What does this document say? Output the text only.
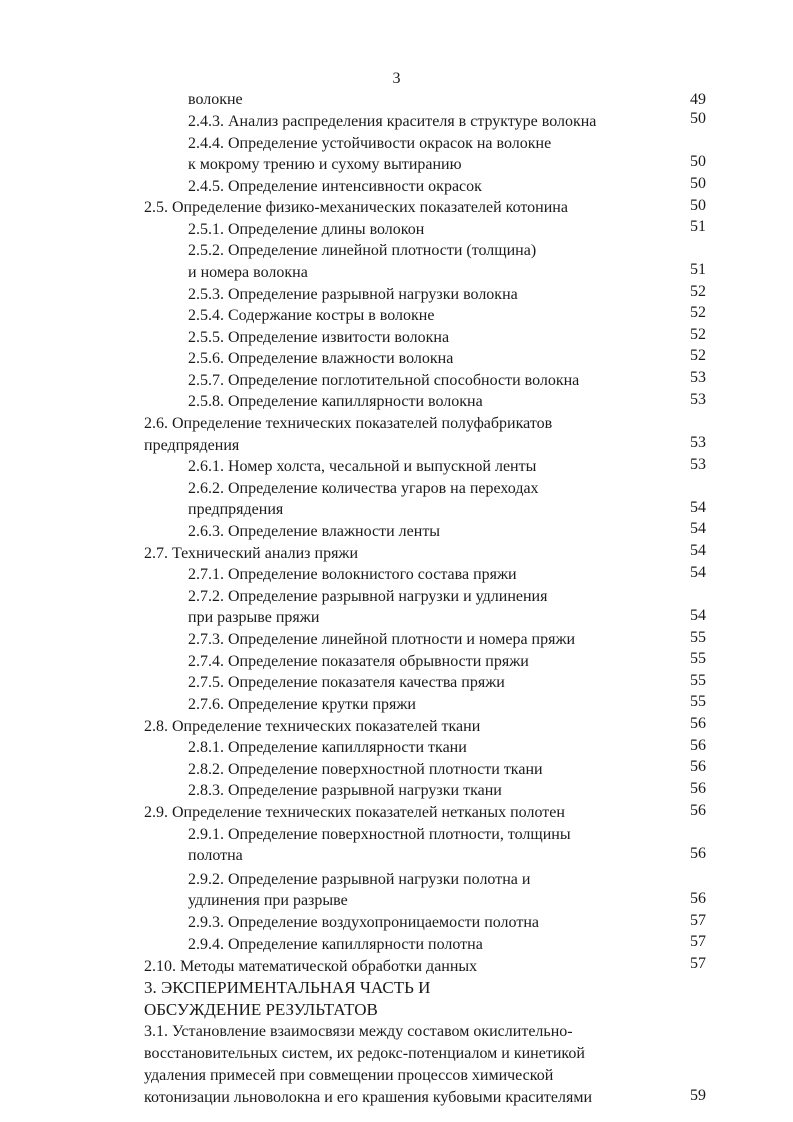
3
волокне	49
2.4.3. Анализ распределения красителя в структуре волокна	50
2.4.4. Определение устойчивости окрасок на волокне
к мокрому трению и сухому вытиранию	50
2.4.5. Определение интенсивности окрасок	50
2.5. Определение физико-механических показателей котонина	50
2.5.1. Определение длины волокон	51
2.5.2. Определение линейной плотности (толщина)
и номера волокна	51
2.5.3. Определение разрывной нагрузки волокна	52
2.5.4. Содержание костры в волокне	52
2.5.5. Определение извитости волокна	52
2.5.6. Определение влажности волокна	52
2.5.7. Определение поглотительной способности волокна	53
2.5.8. Определение капиллярности волокна	53
2.6. Определение технических показателей полуфабрикатов
предпрядения	53
2.6.1. Номер холста, чесальной и выпускной ленты	53
2.6.2. Определение количества угаров на переходах
предпрядения	54
2.6.3. Определение влажности ленты	54
2.7. Технический анализ пряжи	54
2.7.1. Определение волокнистого состава пряжи	54
2.7.2. Определение разрывной нагрузки и удлинения
при разрыве пряжи	54
2.7.3. Определение линейной плотности и номера пряжи	55
2.7.4. Определение показателя обрывности пряжи	55
2.7.5. Определение показателя качества пряжи	55
2.7.6. Определение крутки пряжи	55
2.8. Определение технических показателей ткани	56
2.8.1. Определение капиллярности ткани	56
2.8.2. Определение поверхностной плотности ткани	56
2.8.3. Определение разрывной нагрузки ткани	56
2.9. Определение технических показателей нетканых полотен	56
2.9.1. Определение поверхностной плотности, толщины
полотна	56
2.9.2. Определение разрывной нагрузки полотна и
удлинения при разрыве	56
2.9.3. Определение воздухопроницаемости полотна	57
2.9.4. Определение капиллярности полотна	57
2.10. Методы математической обработки данных	57
3. ЭКСПЕРИМЕНТАЛЬНАЯ ЧАСТЬ И
ОБСУЖДЕНИЕ РЕЗУЛЬТАТОВ
3.1. Установление взаимосвязи между составом окислительно-
восстановительных систем, их редокс-потенциалом и кинетикой
удаления примесей при совмещении процессов химической
котонизации льноволокна и его крашения кубовыми красителями	59
